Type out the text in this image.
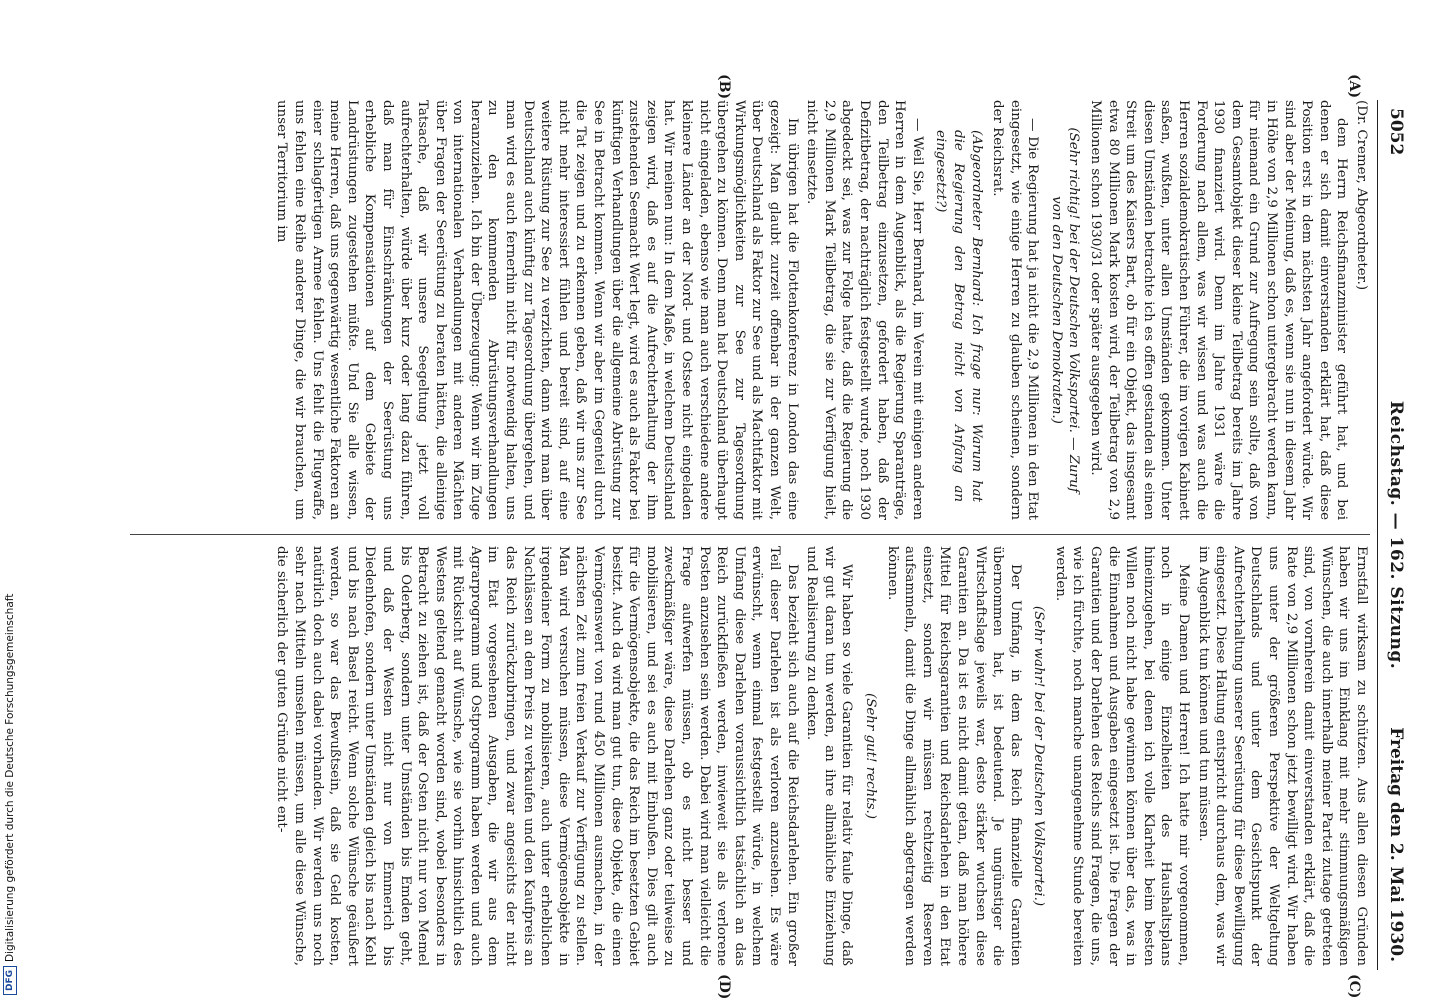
5052
Reichstag. — 162. Sitzung.
Freitag den 2. Mai 1930.
(A)
(B)
(C)
(D)

(Dr. Cremer, Abgeordneter.)

dem Herrn Reichsfinanzminister geführt hat, und bei denen er sich damit einverstanden erklärt hat, daß diese Position erst in dem nächsten Jahr angefordert würde. Wir sind aber der Meinung, daß es, wenn sie nun in diesem Jahr in Höhe von 2,9 Millionen schon untergebracht werden kann, für niemand ein Grund zur Aufregung sein sollte, daß von dem Gesamtobjekt dieser kleine Teilbetrag bereits im Jahre 1930 finanziert wird. Denn im Jahre 1931 wäre die Forderung nach allem, was wir wissen und was auch die Herren sozialdemokratischen Führer, die im vorigen Kabinett saßen, wußten, unter allen Umständen gekommen. Unter diesen Umständen betrachte ich es offen gestanden als einen Streit um des Kaisers Bart, ob für ein Objekt, das insgesamt etwa 80 Millionen Mark kosten wird, der Teilbetrag von 2,9 Millionen schon 1930/31 oder später ausgegeben wird.

(Sehr richtig! bei der Deutschen Volkspartei. — Zuruf von den Deutschen Demokraten.)

— Die Regierung hat ja nicht die 2,9 Millionen in den Etat eingesetzt, wie einige Herren zu glauben scheinen, sondern der Reichsrat.

(Abgeordneter Bernhard: Ich frage nur: Warum hat die Regierung den Betrag nicht von Anfang an eingesetzt?)

— Weil Sie, Herr Bernhard, im Verein mit einigen anderen Herren in dem Augenblick, als die Regierung Sparanträge, den Teilbetrag einzusetzen, gefordert haben, daß der Defizitbetrag, der nachträglich festgestellt wurde, noch 1930 abgedeckt sei, was zur Folge hatte, daß die Regierung die 2,9 Millionen Mark Teilbetrag, die sie zur Verfügung hielt, nicht einsetzte.

Im übrigen hat die Flottenkonferenz in London das eine gezeigt: Man glaubt zurzeit offenbar in der ganzen Welt, über Deutschland als Faktor zur See und als Machtfaktor mit Wirkungsmöglichkeiten zur See zur Tagesordnung übergehen zu können. Denn man hat Deutschland überhaupt nicht eingeladen, ebenso wie man auch verschiedene andere kleinere Länder an der Nord- und Ostsee nicht eingeladen hat. Wir meinen nun: In dem Maße, in welchem Deutschland zeigen wird, daß es auf die Aufrechterhaltung der ihm zustehenden Seemacht Wert legt, wird es auch als Faktor bei künftigen Verhandlungen über die allgemeine Abrüstung zur See in Betracht kommen. Wenn wir aber im Gegenteil durch die Tat zeigen und zu erkennen geben, daß wir uns zur See nicht mehr interessiert fühlen und bereit sind, auf eine weitere Rüstung zur See zu verzichten, dann wird man über Deutschland auch künftig zur Tagesordnung übergehen, und man wird es auch fernerhin nicht für notwendig halten, uns zu den kommenden Abrüstungsverhandlungen heranzuziehen. Ich bin der Überzeugung: Wenn wir im Zuge von internationalen Verhandlungen mit anderen Mächten über Fragen der Seerüstung zu beraten hätten, die alleinige Tatsache, daß wir unsere Seegeltung jetzt voll aufrechterhalten, würde über kurz oder lang dazu führen, daß man für Einschränkungen der Seerüstung uns erhebliche Kompensationen auf dem Gebiete der Landrüstungen zugestehen müßte. Und Sie alle wissen, meine Herren, daß uns gegenwärtig wesentliche Faktoren an einer schlagfertigen Armee fehlen. Uns fehlt die Flugwaffe, uns fehlen eine Reihe anderer Dinge, die wir brauchen, um unser Territorium im

Ernstfall wirksam zu schützen. Aus allen diesen Gründen haben wir uns im Einklang mit mehr stimmungsmäßigen Wünschen, die auch innerhalb meiner Partei zutage getreten sind, von vornherein damit einverstanden erklärt, daß die Rate von 2,9 Millionen schon jetzt bewilligt wird. Wir haben uns unter der größeren Perspektive der Weltgeltung Deutschlands und unter dem Gesichtspunkt der Aufrechterhaltung unserer Seerüstung für diese Bewilligung eingesetzt. Diese Haltung entspricht durchaus dem, was wir im Augenblick tun können und tun müssen.

Meine Damen und Herren! Ich hatte mir vorgenommen, noch in einige Einzelheiten des Haushaltsplans hineinzugehen, bei denen ich volle Klarheit beim besten Willen noch nicht habe gewinnen können über das, was in die Einnahmen und Ausgaben eingesetzt ist. Die Fragen der Garantien und der Darlehen des Reichs sind Fragen, die uns, wie ich fürchte, noch manche unangenehme Stunde bereiten werden.

(Sehr wahr! bei der Deutschen Volkspartei.)

Der Umfang, in dem das Reich finanzielle Garantien übernommen hat, ist bedeutend. Je ungünstiger die Wirtschaftslage jeweils war, desto stärker wuchsen diese Garantien an. Da ist es nicht damit getan, daß man höhere Mittel für Reichsgarantien und Reichsdarlehen in den Etat einsetzt, sondern wir müssen rechtzeitig Reserven aufsammeln, damit die Dinge allmählich abgetragen werden können.

(Sehr gut! rechts.)

Wir haben so viele Garantien für relativ faule Dinge, daß wir gut daran tun werden, an ihre allmähliche Einziehung und Realisierung zu denken.

Das bezieht sich auch auf die Reichsdarlehen. Ein großer Teil dieser Darlehen ist als verloren anzusehen. Es wäre erwünscht, wenn einmal festgestellt würde, in welchem Umfang diese Darlehen voraussichtlich tatsächlich an das Reich zurückfließen werden, inwieweit sie als verlorene Posten anzusehen sein werden. Dabei wird man vielleicht die Frage aufwerfen müssen, ob es nicht besser und zweckmäßiger wäre, diese Darlehen ganz oder teilweise zu mobilisieren, und sei es auch mit Einbußen. Dies gilt auch für die Vermögensobjekte, die das Reich im besetzten Gebiet besitzt. Auch da wird man gut tun, diese Objekte, die einen Vermögenswert von rund 450 Millionen ausmachen, in der nächsten Zeit zum freien Verkauf zur Verfügung zu stellen. Man wird versuchen müssen, diese Vermögensobjekte in irgendeiner Form zu mobilisieren, auch unter erheblichen Nachlässen an dem Preis zu verkaufen und den Kaufpreis an das Reich zurückzubringen, und zwar angesichts der nicht im Etat vorgesehenen Ausgaben, die wir aus dem Agrarprogramm und Ostprogramm haben werden und auch mit Rücksicht auf Wünsche, wie sie vorhin hinsichtlich des Westens geltend gemacht worden sind, wobei besonders in Betracht zu ziehen ist, daß der Osten nicht nur von Memel bis Oderberg, sondern unter Umständen bis Emden geht, und daß der Westen nicht nur von Emmerich bis Diedenhofen, sondern unter Umständen gleich bis nach Kehl und bis nach Basel reicht. Wenn solche Wünsche geäußert werden, so war das Bewußtsein, daß sie Geld kosten, natürlich doch auch dabei vorhanden. Wir werden uns noch sehr nach Mitteln umsehen müssen, um alle diese Wünsche, die sicherlich der guten Gründe nicht ent-

DFGDigitalisierung gefördert durch die Deutsche Forschungsgemeinschaft
